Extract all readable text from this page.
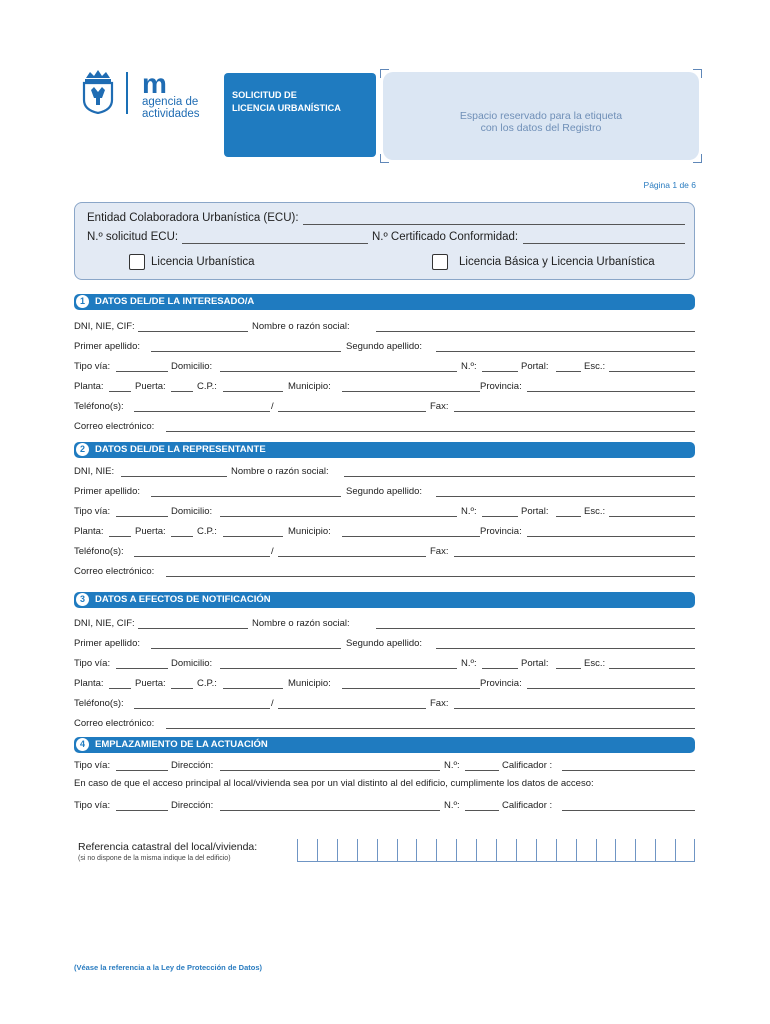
m
agencia de
actividades
SOLICITUD DE
LICENCIA URBANÍSTICA
Espacio reservado para la etiqueta
con los datos del Registro
Página 1 de 6
Entidad Colaboradora Urbanística (ECU):
N.º solicitud ECU:	N.º Certificado Conformidad:
Licencia Urbanística	Licencia Básica y Licencia Urbanística
1	DATOS DEL/DE LA INTERESADO/A
DNI, NIE, CIF:	Nombre o razón social:
Primer apellido:	Segundo apellido:
Tipo vía:	Domicilio:	N.º:	Portal:	Esc.:
Planta:	Puerta:	C.P.:	Municipio:	Provincia:
Teléfono(s):	/	Fax:
Correo electrónico:
2	DATOS DEL/DE LA REPRESENTANTE
DNI, NIE:	Nombre o razón social:
Primer apellido:	Segundo apellido:
Tipo vía:	Domicilio:	N.º:	Portal:	Esc.:
Planta:	Puerta:	C.P.:	Municipio:	Provincia:
Teléfono(s):	/	Fax:
Correo electrónico:
3	DATOS A EFECTOS DE NOTIFICACIÓN
DNI, NIE, CIF:	Nombre o razón social:
Primer apellido:	Segundo apellido:
Tipo vía:	Domicilio:	N.º:	Portal:	Esc.:
Planta:	Puerta:	C.P.:	Municipio:	Provincia:
Teléfono(s):	/	Fax:
Correo electrónico:
4	EMPLAZAMIENTO DE LA ACTUACIÓN
Tipo vía:	Dirección:	N.º:	Calificador :
En caso de que el acceso principal al local/vivienda sea por un vial distinto al del edificio, cumplimente los datos de acceso:
Tipo vía:	Dirección:	N.º:	Calificador :
Referencia catastral del local/vivienda:
(si no dispone de la misma indique la del edificio)
(Véase la referencia a la Ley de Protección de Datos)
